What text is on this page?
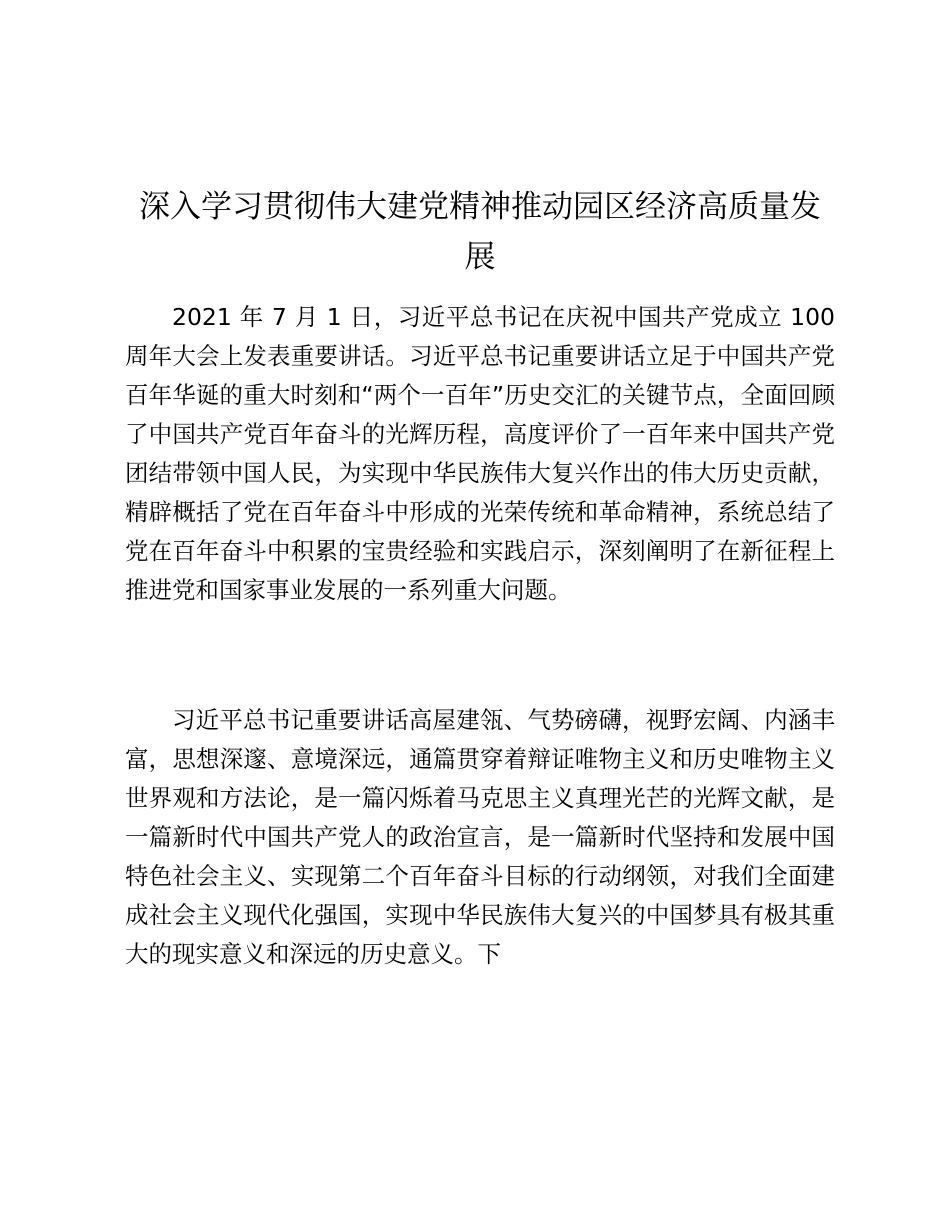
深入学习贯彻伟大建党精神推动园区经济高质量发展

2021 年 7 月 1 日，习近平总书记在庆祝中国共产党成立 100 周年大会上发表重要讲话。习近平总书记重要讲话立足于中国共产党百年华诞的重大时刻和“两个一百年”历史交汇的关键节点，全面回顾了中国共产党百年奋斗的光辉历程，高度评价了一百年来中国共产党团结带领中国人民，为实现中华民族伟大复兴作出的伟大历史贡献，精辟概括了党在百年奋斗中形成的光荣传统和革命精神，系统总结了党在百年奋斗中积累的宝贵经验和实践启示，深刻阐明了在新征程上推进党和国家事业发展的一系列重大问题。

习近平总书记重要讲话高屋建瓴、气势磅礴，视野宏阔、内涵丰富，思想深邃、意境深远，通篇贯穿着辩证唯物主义和历史唯物主义世界观和方法论，是一篇闪烁着马克思主义真理光芒的光辉文献，是一篇新时代中国共产党人的政治宣言，是一篇新时代坚持和发展中国特色社会主义、实现第二个百年奋斗目标的行动纲领，对我们全面建成社会主义现代化强国，实现中华民族伟大复兴的中国梦具有极其重大的现实意义和深远的历史意义。下
